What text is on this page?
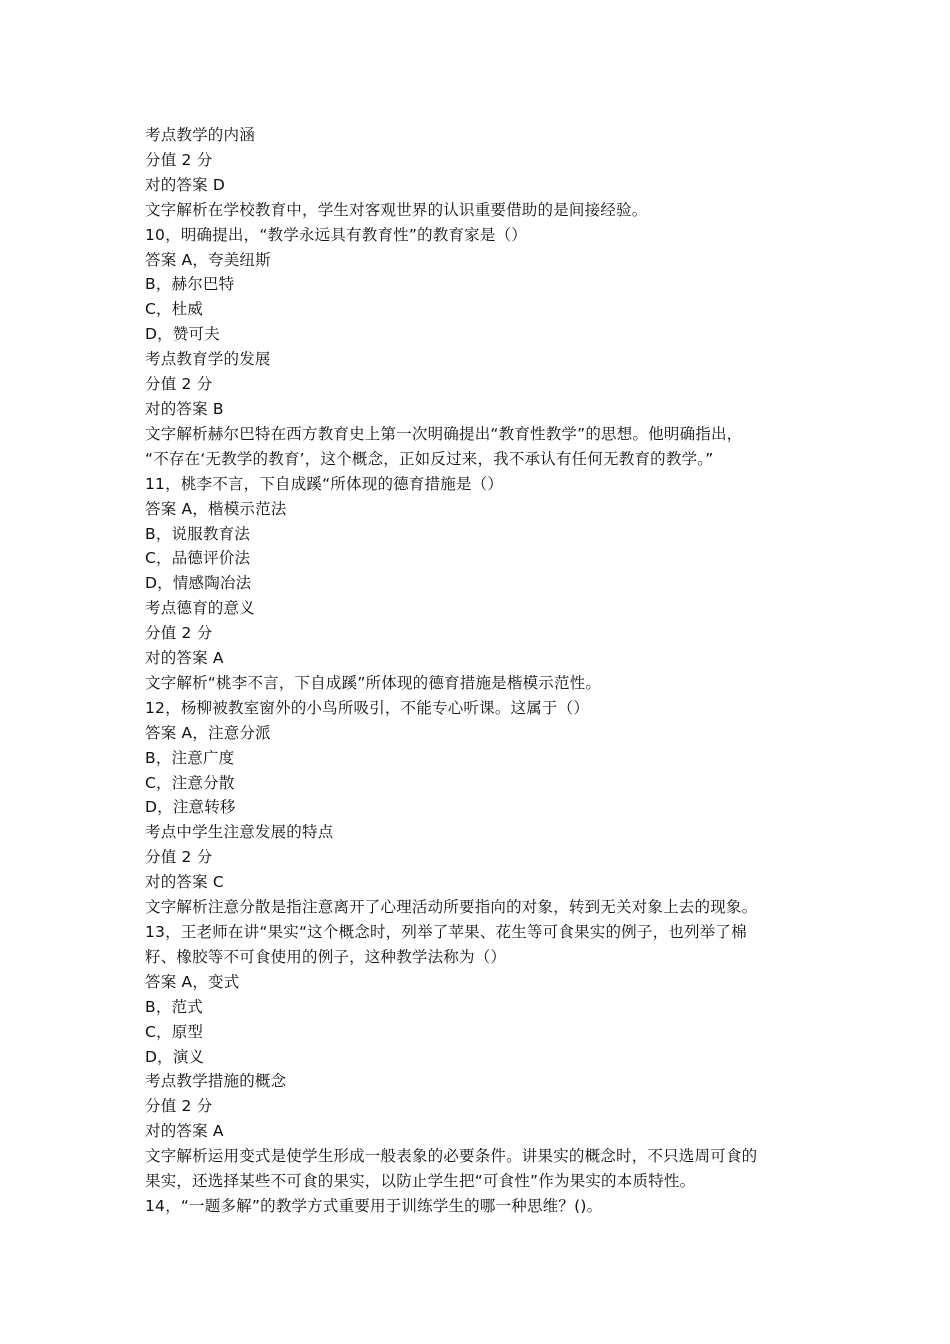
考点教学的内涵
分值 2 分
对的答案 D
文字解析在学校教育中，学生对客观世界的认识重要借助的是间接经验。
10，明确提出，“教学永远具有教育性”的教育家是（）
答案 A，夸美纽斯
B，赫尔巴特
C，杜威
D，赞可夫
考点教育学的发展
分值 2 分
对的答案 B
文字解析赫尔巴特在西方教育史上第一次明确提出“教育性教学”的思想。他明确指出，
“不存在‘无教学的教育’，这个概念，正如反过来，我不承认有任何无教育的教学。”
11，桃李不言，下自成蹊“所体现的德育措施是（）
答案 A，楷模示范法
B，说服教育法
C，品德评价法
D，情感陶冶法
考点德育的意义
分值 2 分
对的答案 A
文字解析“桃李不言，下自成蹊”所体现的德育措施是楷模示范性。
12，杨柳被教室窗外的小鸟所吸引，不能专心听课。这属于（）
答案 A，注意分派
B，注意广度
C，注意分散
D，注意转移
考点中学生注意发展的特点
分值 2 分
对的答案 C
文字解析注意分散是指注意离开了心理活动所要指向的对象，转到无关对象上去的现象。
13，王老师在讲“果实“这个概念时，列举了苹果、花生等可食果实的例子，也列举了棉
籽、橡胶等不可食使用的例子，这种教学法称为（）
答案 A，变式
B，范式
C，原型
D，演义
考点教学措施的概念
分值 2 分
对的答案 A
文字解析运用变式是使学生形成一般表象的必要条件。讲果实的概念时，不只选周可食的
果实，还选择某些不可食的果实，以防止学生把“可食性”作为果实的本质特性。
14，“一题多解”的教学方式重要用于训练学生的哪一种思维？()。
